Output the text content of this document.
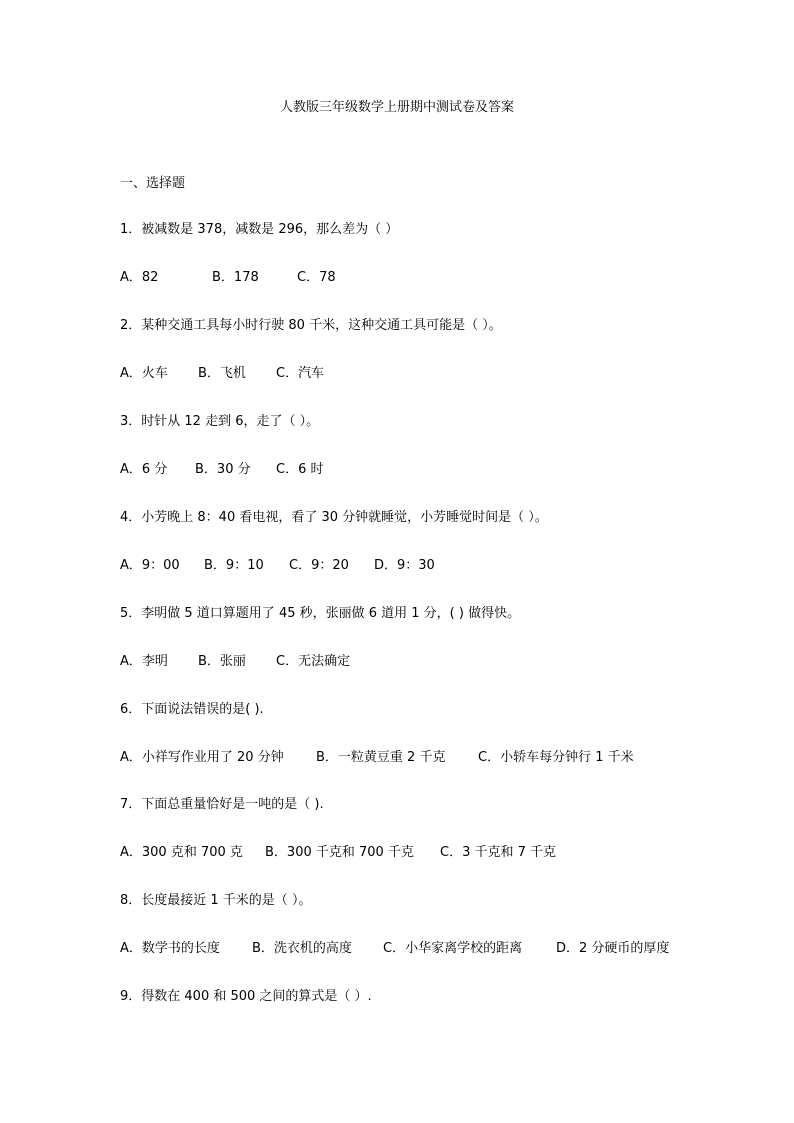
人教版三年级数学上册期中测试卷及答案
一、选择题
1．被减数是 378，减数是 296，那么差为（ ）
A．82	B．178	C．78
2．某种交通工具每小时行驶 80 千米，这种交通工具可能是（ ）。
A．火车 B．飞机 C．汽车
3．时针从 12 走到 6，走了（ ）。
A．6 分 B．30 分 C．6 时
4．小芳晚上 8：40 看电视，看了 30 分钟就睡觉，小芳睡觉时间是（ ）。
A．9：00 B．9：10 C．9：20 D．9：30
5．李明做 5 道口算题用了 45 秒，张丽做 6 道用 1 分，( ) 做得快。
A．李明 B．张丽 C．无法确定
6．下面说法错误的是( ).
A．小祥写作业用了 20 分钟 B．一粒黄豆重 2 千克	C．小轿车每分钟行 1 千米
7．下面总重量恰好是一吨的是（ ).
A．300 克和 700 克 B．300 千克和 700 千克 C．3 千克和 7 千克
8．长度最接近 1 千米的是（ ）。
A．数学书的长度 B．洗衣机的高度 C．小华家离学校的距离	D．2 分硬币的厚度
9．得数在 400 和 500 之间的算式是（ ）.
